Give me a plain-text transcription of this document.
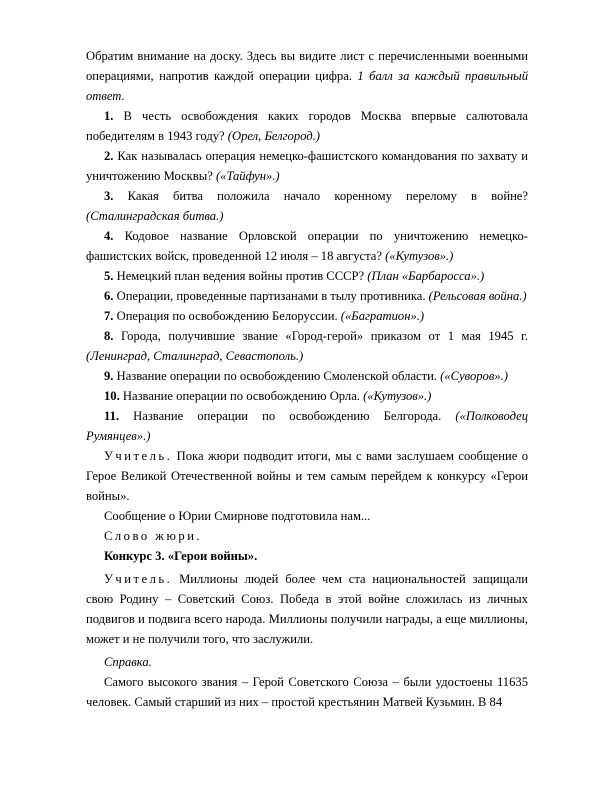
Обратим внимание на доску. Здесь вы видите лист с перечисленными военными операциями, напротив каждой операции цифра. 1 балл за каждый правильный ответ.

1. В честь освобождения каких городов Москва впервые салютовала победителям в 1943 году? (Орел, Белгород.)

2. Как называлась операция немецко-фашистского командования по захвату и уничтожению Москвы? («Тайфун».)

3. Какая битва положила начало коренному перелому в войне? (Сталинградская битва.)

4. Кодовое название Орловской операции по уничтожению немецко-фашистских войск, проведенной 12 июля – 18 августа? («Кутузов».)

5. Немецкий план ведения войны против СССР? (План «Барбаросса».)

6. Операции, проведенные партизанами в тылу противника. (Рельсовая война.)

7. Операция по освобождению Белоруссии. («Багратион».)

8. Города, получившие звание «Город-герой» приказом от 1 мая 1945 г. (Ленинград, Сталинград, Севастополь.)

9. Название операции по освобождению Смоленской области. («Суворов».)

10. Название операции по освобождению Орла. («Кутузов».)

11. Название операции по освобождению Белгорода. («Полководец Румянцев».)

Учитель. Пока жюри подводит итоги, мы с вами заслушаем сообщение о Герое Великой Отечественной войны и тем самым перейдем к конкурсу «Герои войны».

Сообщение о Юрии Смирнове подготовила нам...

Слово жюри.

Конкурс 3. «Герои войны».

Учитель. Миллионы людей более чем ста национальностей защищали свою Родину – Советский Союз. Победа в этой войне сложилась из личных подвигов и подвига всего народа. Миллионы получили награды, а еще миллионы, может и не получили того, что заслужили.

Справка.

Самого высокого звания – Герой Советского Союза – были удостоены 11635 человек. Самый старший из них – простой крестьянин Матвей Кузьмин. В 84
